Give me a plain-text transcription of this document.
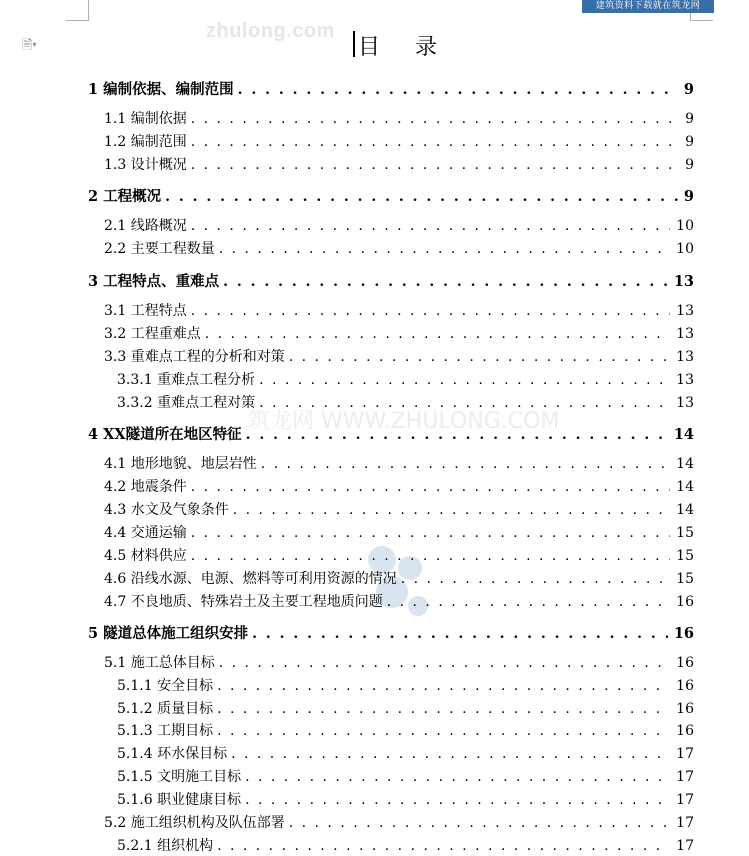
🗎▾
建筑资料下载就在筑龙网
zhulong.com
目 录
筑龙网 WWW.ZHULONG.COM
1 编制依据、编制范围 . . .	9
1.1 编制依据 . . .	9
1.2 编制范围 . . .	9
1.3 设计概况 . . .	9
2 工程概况 . . .	9
2.1 线路概况 . . .	10
2.2 主要工程数量 . . .	10
3 工程特点、重难点 . . .	13
3.1 工程特点 . . .	13
3.2 工程重难点 . . .	13
3.3 重难点工程的分析和对策 . . .	13
3.3.1 重难点工程分析 . . .	13
3.3.2 重难点工程对策 . . .	13
4 XX隧道所在地区特征 . . .	14
4.1 地形地貌、地层岩性 . . .	14
4.2 地震条件 . . .	14
4.3 水文及气象条件 . . .	14
4.4 交通运输 . . .	15
4.5 材料供应 . . .	15
4.6 沿线水源、电源、燃料等可利用资源的情况 . . .	15
4.7 不良地质、特殊岩土及主要工程地质问题 . . .	16
5 隧道总体施工组织安排 . . .	16
5.1 施工总体目标 . . .	16
5.1.1 安全目标 . . .	16
5.1.2 质量目标 . . .	16
5.1.3 工期目标 . . .	16
5.1.4 环水保目标 . . .	17
5.1.5 文明施工目标 . . .	17
5.1.6 职业健康目标 . . .	17
5.2 施工组织机构及队伍部署 . . .	17
5.2.1 组织机构 . . .	17
